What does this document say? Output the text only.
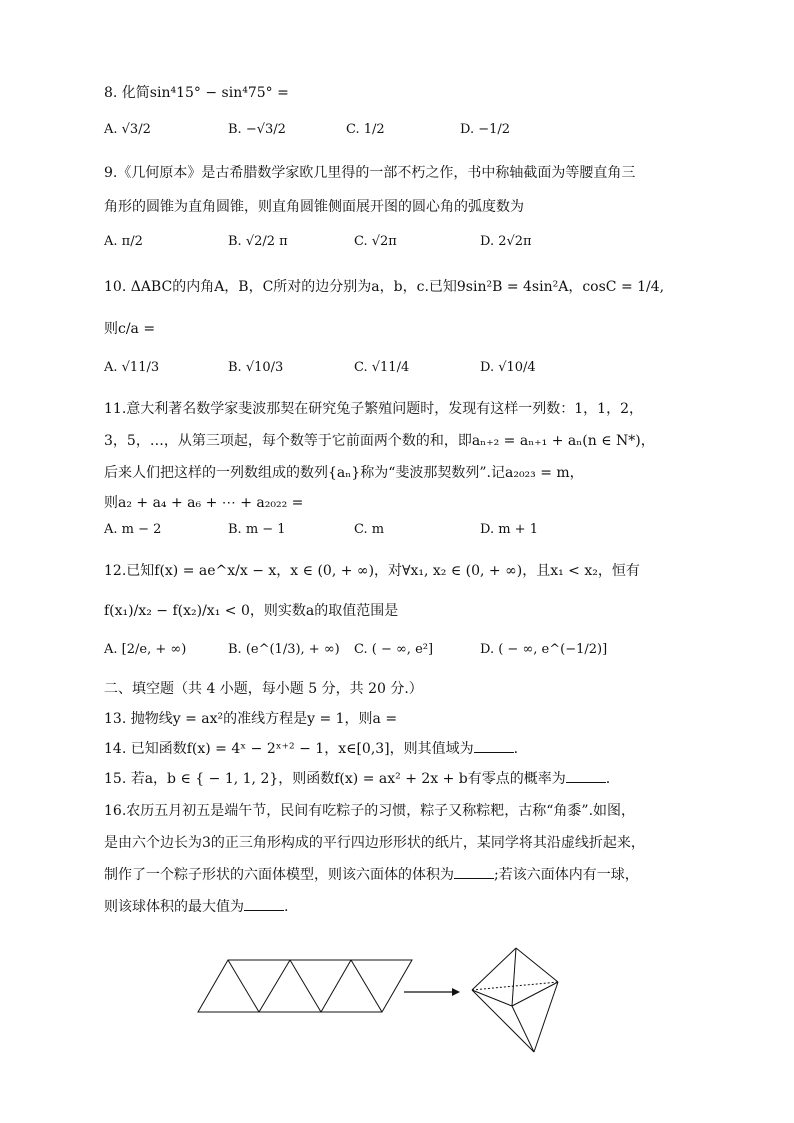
8. 化简sin⁴15° − sin⁴75° =
A. √3/2	B. −√3/2	C. 1/2	D. −1/2
9.《几何原本》是古希腊数学家欧几里得的一部不朽之作，书中称轴截面为等腰直角三
角形的圆锥为直角圆锥，则直角圆锥侧面展开图的圆心角的弧度数为
A. π/2	B. √2/2 π	C. √2π	D. 2√2π
10. ΔABC的内角A，B，C所对的边分别为a，b，c.已知9sin²B = 4sin²A，cosC = 1/4,
则c/a =
A. √11/3	B. √10/3	C. √11/4	D. √10/4
11.意大利著名数学家斐波那契在研究兔子繁殖问题时，发现有这样一列数：1，1，2，
3，5，…，从第三项起，每个数等于它前面两个数的和，即aₙ₊₂ = aₙ₊₁ + aₙ(n ∈ N*)，
后来人们把这样的一列数组成的数列{aₙ}称为“斐波那契数列”.记a₂₀₂₃ = m，
则a₂ + a₄ + a₆ + ⋯ + a₂₀₂₂ =
A. m − 2	B. m − 1	C. m	D. m + 1
12.已知f(x) = ae^x/x − x，x ∈ (0, + ∞)，对∀x₁, x₂ ∈ (0, + ∞)，且x₁ < x₂，恒有
f(x₁)/x₂ − f(x₂)/x₁ < 0，则实数a的取值范围是
A. [2/e, + ∞)	B. (e^(1/3), + ∞) C. ( − ∞, e²]	D. ( − ∞, e^(−1/2)]
二、填空题（共 4 小题，每小题 5 分，共 20 分.）
13. 抛物线y = ax²的准线方程是y = 1，则a =
14. 已知函数f(x) = 4ˣ − 2ˣ⁺² − 1，x∈[0,3]，则其值域为	.
15. 若a，b ∈ { − 1, 1, 2}，则函数f(x) = ax² + 2x + b有零点的概率为	.
16.农历五月初五是端午节，民间有吃粽子的习惯，粽子又称粽粑，古称“角黍”.如图，
是由六个边长为3的正三角形构成的平行四边形形状的纸片，某同学将其沿虚线折起来，
制作了一个粽子形状的六面体模型，则该六面体的体积为	;若该六面体内有一球，
则该球体积的最大值为	.
